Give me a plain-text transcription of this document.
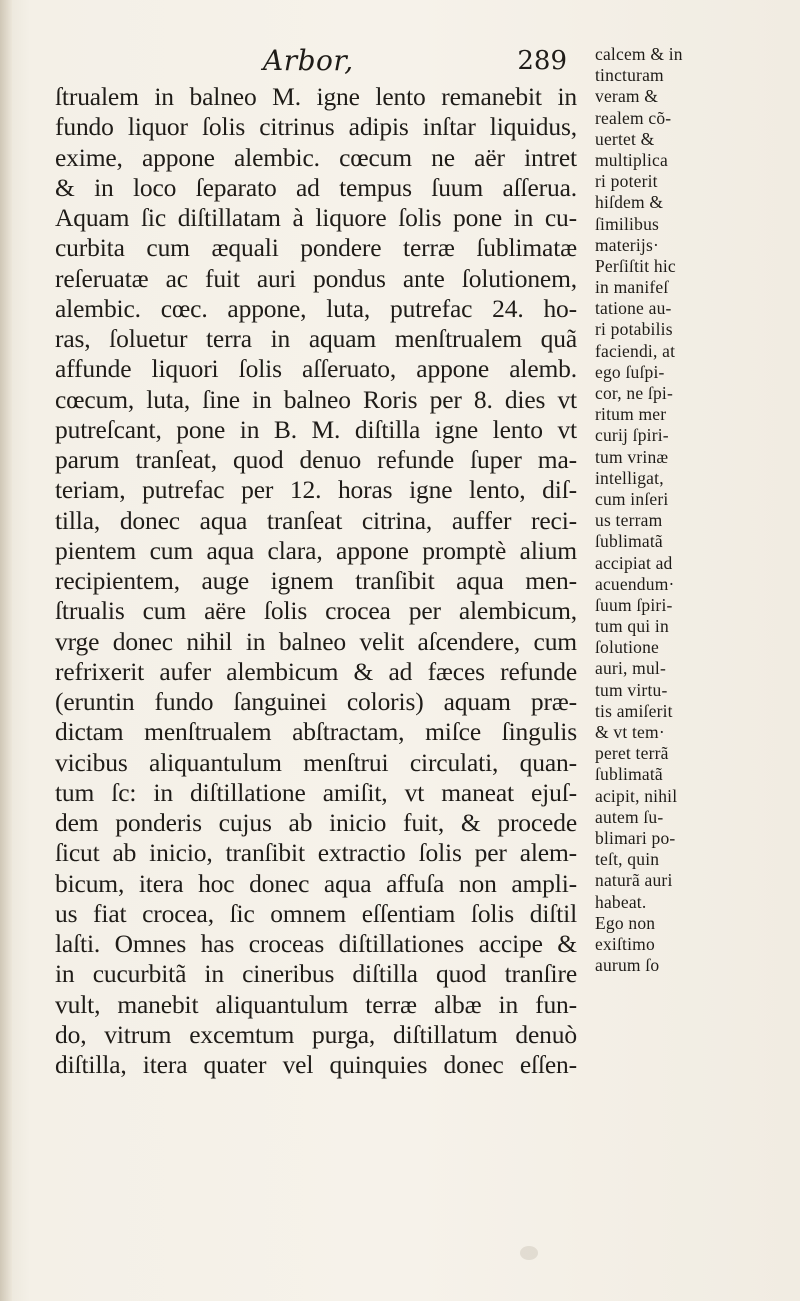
Arbor,	289
ſtrualem in balneo M. igne lento remanebit in
fundo liquor ſolis citrinus adipis inſtar liquidus,
exime, appone alembic. cœcum ne aër intret
& in loco ſeparato ad tempus ſuum aſſerua.
Aquam ſic diſtillatam à liquore ſolis pone in cu-
curbita cum æquali pondere terræ ſublimatæ
reſeruatæ ac fuit auri pondus ante ſolutionem,
alembic. cœc. appone, luta, putrefac 24. ho-
ras, ſoluetur terra in aquam menſtrualem quã
affunde liquori ſolis aſſeruato, appone alemb.
cœcum, luta, ſine in balneo Roris per 8. dies vt
putreſcant, pone in B. M. diſtilla igne lento vt
parum tranſeat, quod denuo refunde ſuper ma-
teriam, putrefac per 12. horas igne lento, diſ-
tilla, donec aqua tranſeat citrina, auffer reci-
pientem cum aqua clara, appone promptè alium
recipientem, auge ignem tranſibit aqua men-
ſtrualis cum aëre ſolis crocea per alembicum,
vrge donec nihil in balneo velit aſcendere, cum
refrixerit aufer alembicum & ad fæces refunde
(eruntin fundo ſanguinei coloris) aquam præ-
dictam menſtrualem abſtractam, miſce ſingulis
vicibus aliquantulum menſtrui circulati, quan-
tum ſc: in diſtillatione amiſit, vt maneat ejuſ-
dem ponderis cujus ab inicio fuit, & procede
ſicut ab inicio, tranſibit extractio ſolis per alem-
bicum, itera hoc donec aqua affuſa non ampli-
us fiat crocea, ſic omnem eſſentiam ſolis diſtil
laſti. Omnes has croceas diſtillationes accipe &
in cucurbitã in cineribus diſtilla quod tranſire
vult, manebit aliquantulum terræ albæ in fun-
do, vitrum excemtum purga, diſtillatum denuò
diſtilla, itera quater vel quinquies donec eſſen-
calcem & in
tincturam
veram &
realem cõ-
uertet &
multiplica
ri poterit
hiſdem &
ſimilibus
materijs·
Perſiſtit hic
in manifeſ
tatione au-
ri potabilis
faciendi, at
ego ſuſpi-
cor, ne ſpi-
ritum mer
curij ſpiri-
tum vrinæ
intelligat,
cum inſeri
us terram
ſublimatã
accipiat ad
acuendum·
ſuum ſpiri-
tum qui in
ſolutione
auri, mul-
tum virtu-
tis amiſerit
& vt tem·
peret terrã
ſublimatã
acipit, nihil
autem ſu-
blimari po-
teſt, quin
naturã auri
habeat.
Ego non
exiſtimo
aurum ſo
